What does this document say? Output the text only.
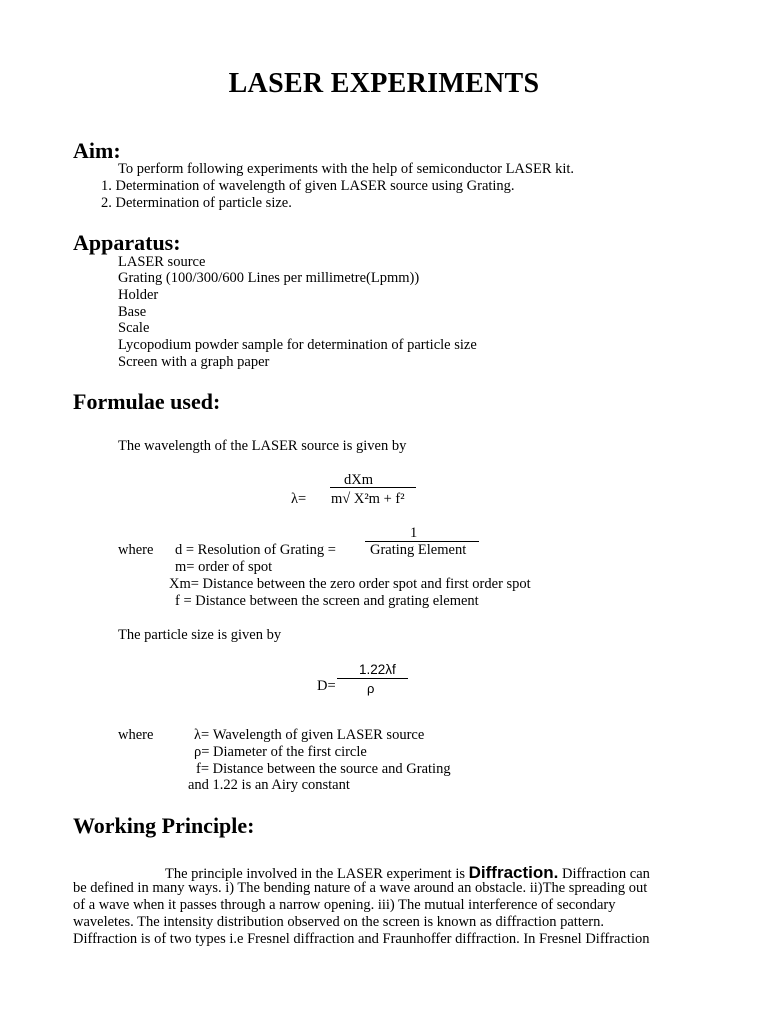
LASER EXPERIMENTS
Aim:
To perform following experiments with the help of semiconductor LASER kit.
1. Determination of wavelength of given LASER source using Grating.
2. Determination of particle size.
Apparatus:
LASER source
Grating (100/300/600 Lines per millimetre(Lpmm))
Holder
Base
Scale
Lycopodium powder sample for determination of particle size
Screen with a graph paper
Formulae used:
The wavelength of the LASER source is given by
dXm
λ= m√ X²m + f²
1
where d = Resolution of Grating = Grating Element
m= order of spot
Xm= Distance between the zero order spot and first order spot
f = Distance between the screen and grating element
The particle size is given by
1.22λf
D= ρ
where	λ= Wavelength of given LASER source
ρ= Diameter of the first circle
f= Distance between the source and Grating
and 1.22 is an Airy constant
Working Principle:
The principle involved in the LASER experiment is Diffraction. Diffraction can
be defined in many ways. i) The bending nature of a wave around an obstacle. ii)The spreading out
of a wave when it passes through a narrow opening. iii) The mutual interference of secondary
waveletes. The intensity distribution observed on the screen is known as diffraction pattern.
Diffraction is of two types i.e Fresnel diffraction and Fraunhoffer diffraction. In Fresnel Diffraction
